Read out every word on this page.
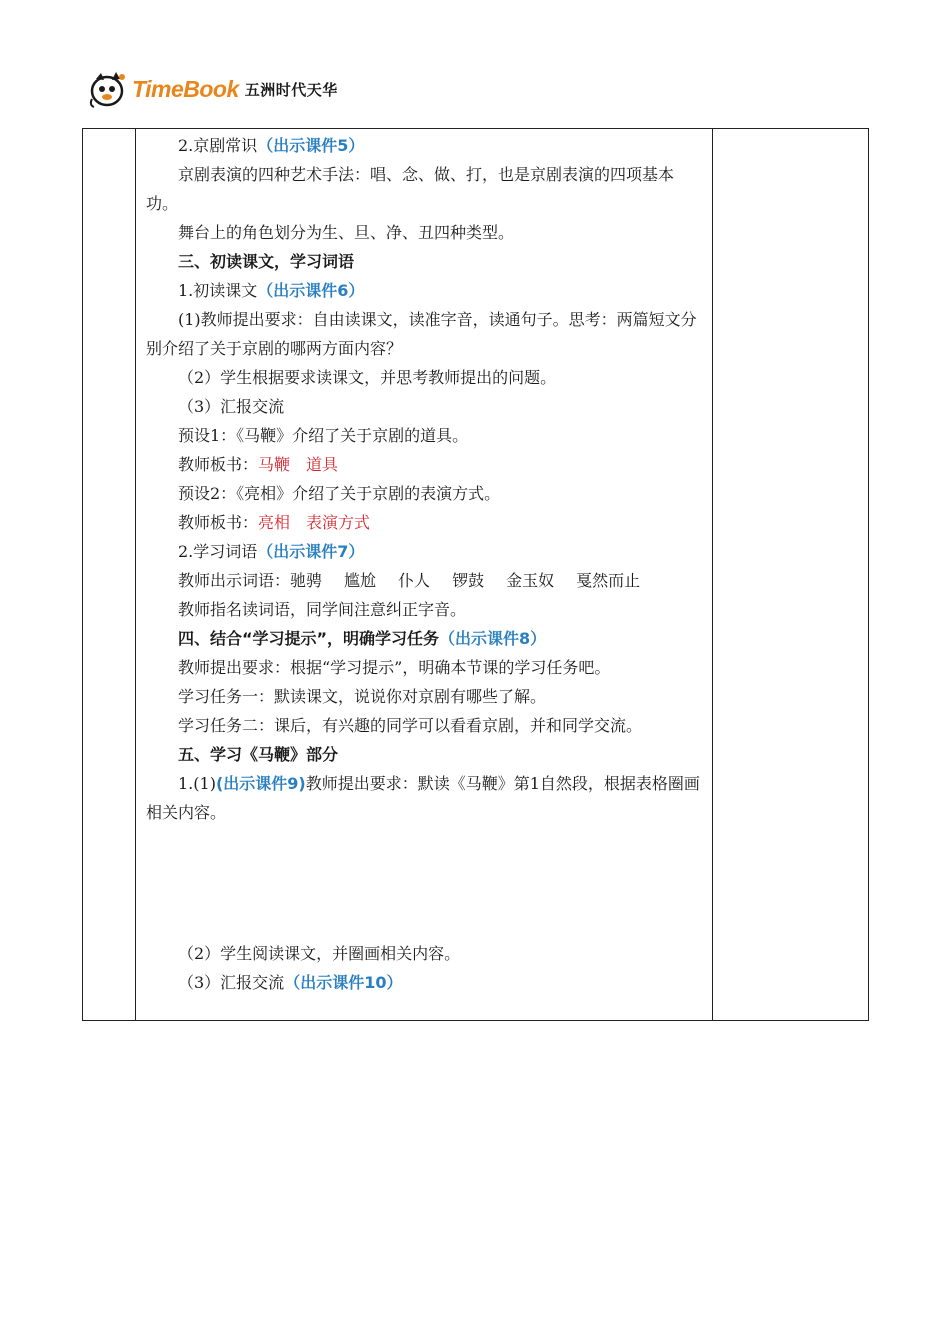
TimeBook 五洲时代天华

2.京剧常识（出示课件5）

京剧表演的四种艺术手法：唱、念、做、打，也是京剧表演的四项基本功。

舞台上的角色划分为生、旦、净、丑四种类型。

三、初读课文，学习词语

1.初读课文（出示课件6）

(1)教师提出要求：自由读课文，读准字音，读通句子。思考：两篇短文分别介绍了关于京剧的哪两方面内容？

（2）学生根据要求读课文，并思考教师提出的问题。

（3）汇报交流

预设1：《马鞭》介绍了关于京剧的道具。

教师板书：马鞭　道具

预设2：《亮相》介绍了关于京剧的表演方式。

教师板书：亮相　表演方式

2.学习词语（出示课件7）

教师出示词语：驰骋 尴尬 仆人 锣鼓 金玉奴 戛然而止

教师指名读词语，同学间注意纠正字音。

四、结合“学习提示”，明确学习任务（出示课件8）

教师提出要求：根据“学习提示”，明确本节课的学习任务吧。

学习任务一：默读课文，说说你对京剧有哪些了解。

学习任务二：课后，有兴趣的同学可以看看京剧，并和同学交流。

五、学习《马鞭》部分

1.(1)(出示课件9)教师提出要求：默读《马鞭》第1自然段，根据表格圈画相关内容。

（2）学生阅读课文，并圈画相关内容。

（3）汇报交流（出示课件10）
